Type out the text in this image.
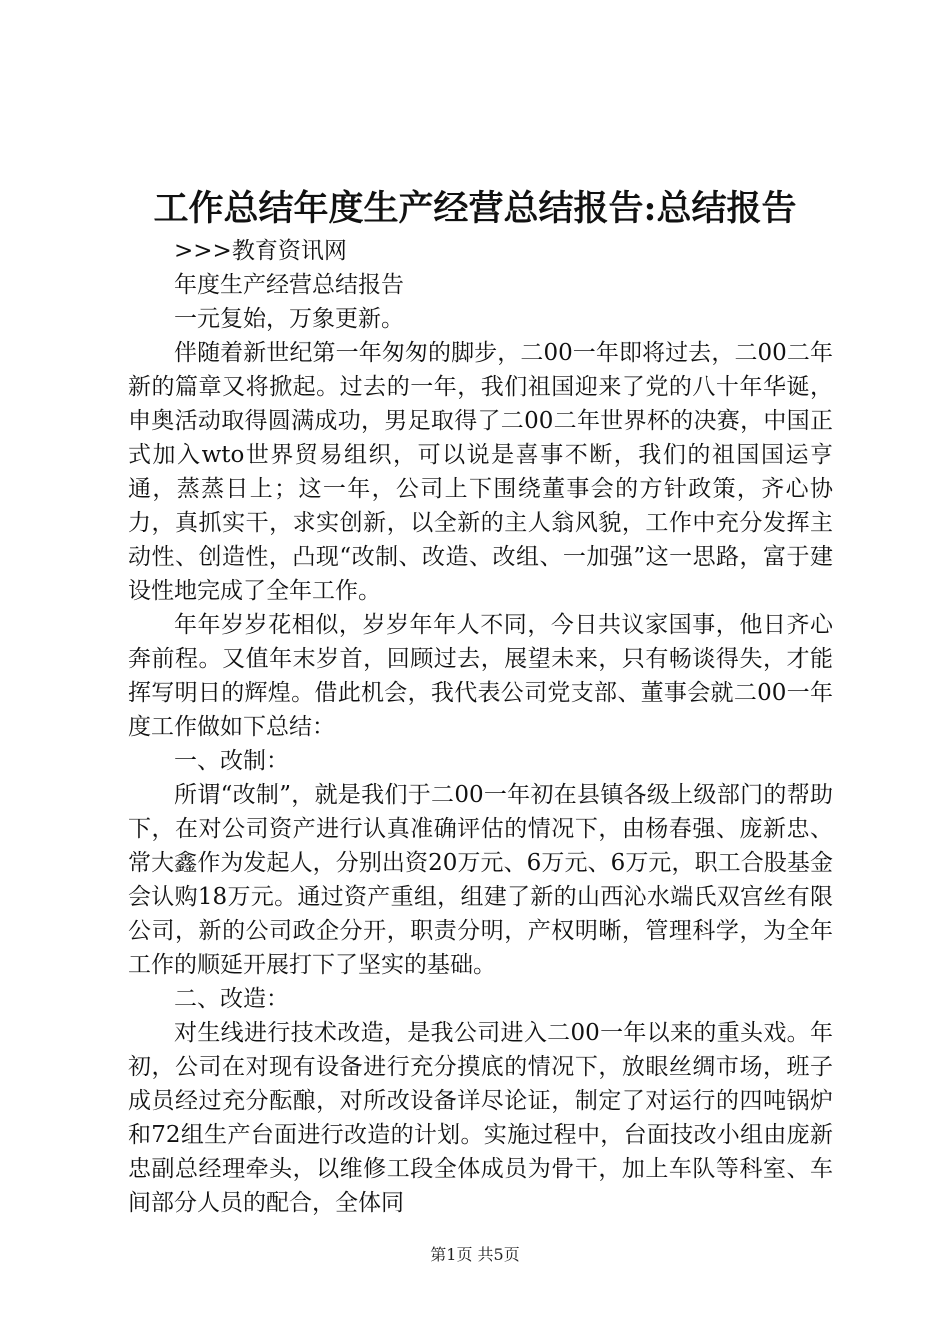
工作总结年度生产经营总结报告:总结报告

>>>教育资讯网

年度生产经营总结报告

一元复始，万象更新。

伴随着新世纪第一年匆匆的脚步，二00一年即将过去，二00二年新的篇章又将掀起。过去的一年，我们祖国迎来了党的八十年华诞，申奥活动取得圆满成功，男足取得了二00二年世界杯的决赛，中国正式加入wto世界贸易组织，可以说是喜事不断，我们的祖国国运亨通，蒸蒸日上；这一年，公司上下围绕董事会的方针政策，齐心协力，真抓实干，求实创新，以全新的主人翁风貌，工作中充分发挥主动性、创造性，凸现“改制、改造、改组、一加强”这一思路，富于建设性地完成了全年工作。

年年岁岁花相似，岁岁年年人不同，今日共议家国事，他日齐心奔前程。又值年末岁首，回顾过去，展望未来，只有畅谈得失，才能挥写明日的辉煌。借此机会，我代表公司党支部、董事会就二00一年度工作做如下总结：

一、改制：

所谓“改制”，就是我们于二00一年初在县镇各级上级部门的帮助下，在对公司资产进行认真准确评估的情况下，由杨春强、庞新忠、常大鑫作为发起人，分别出资20万元、6万元、6万元，职工合股基金会认购18万元。通过资产重组，组建了新的山西沁水端氏双宫丝有限公司，新的公司政企分开，职责分明，产权明晰，管理科学，为全年工作的顺延开展打下了坚实的基础。

二、改造：

对生线进行技术改造，是我公司进入二00一年以来的重头戏。年初，公司在对现有设备进行充分摸底的情况下，放眼丝绸市场，班子成员经过充分酝酿，对所改设备详尽论证，制定了对运行的四吨锅炉和72组生产台面进行改造的计划。实施过程中，台面技改小组由庞新忠副总经理牵头，以维修工段全体成员为骨干，加上车队等科室、车间部分人员的配合，全体同

第1页 共5页
